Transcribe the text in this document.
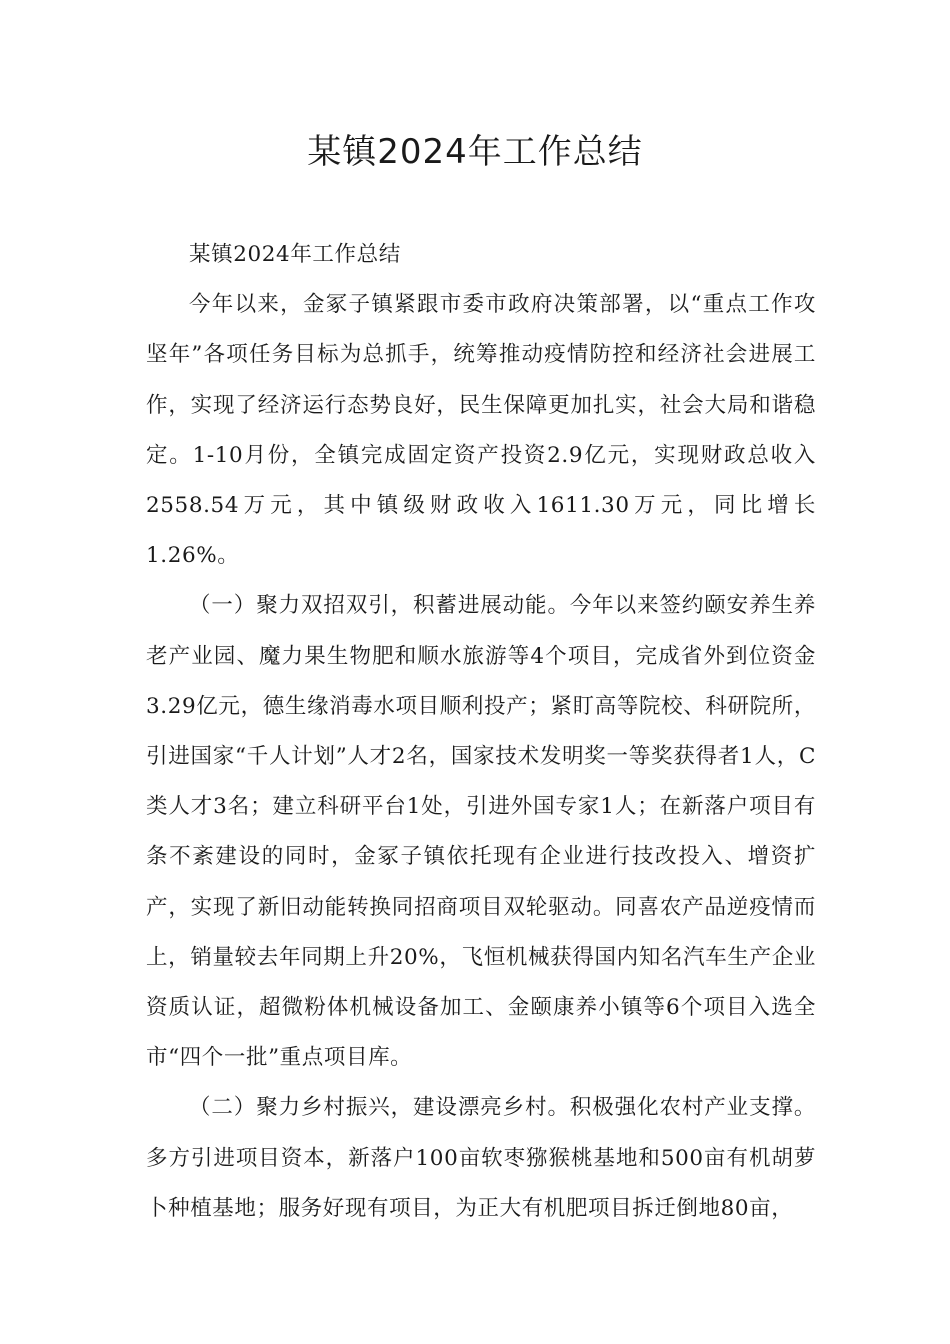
某镇2024年工作总结

某镇2024年工作总结

今年以来，金冢子镇紧跟市委市政府决策部署，以“重点工作攻坚年”各项任务目标为总抓手，统筹推动疫情防控和经济社会进展工作，实现了经济运行态势良好，民生保障更加扎实，社会大局和谐稳定。1-10月份，全镇完成固定资产投资2.9亿元，实现财政总收入2558.54万元，其中镇级财政收入1611.30万元，同比增长1.26%。

（一）聚力双招双引，积蓄进展动能。今年以来签约颐安养生养老产业园、魔力果生物肥和顺水旅游等4个项目，完成省外到位资金3.29亿元，德生缘消毒水项目顺利投产；紧盯高等院校、科研院所，引进国家“千人计划”人才2名，国家技术发明奖一等奖获得者1人，C类人才3名；建立科研平台1处，引进外国专家1人；在新落户项目有条不紊建设的同时，金冢子镇依托现有企业进行技改投入、增资扩产，实现了新旧动能转换同招商项目双轮驱动。同喜农产品逆疫情而上，销量较去年同期上升20%，飞恒机械获得国内知名汽车生产企业资质认证，超微粉体机械设备加工、金颐康养小镇等6个项目入选全市“四个一批”重点项目库。

（二）聚力乡村振兴，建设漂亮乡村。积极强化农村产业支撑。多方引进项目资本，新落户100亩软枣猕猴桃基地和500亩有机胡萝卜种植基地；服务好现有项目，为正大有机肥项目拆迁倒地80亩，
